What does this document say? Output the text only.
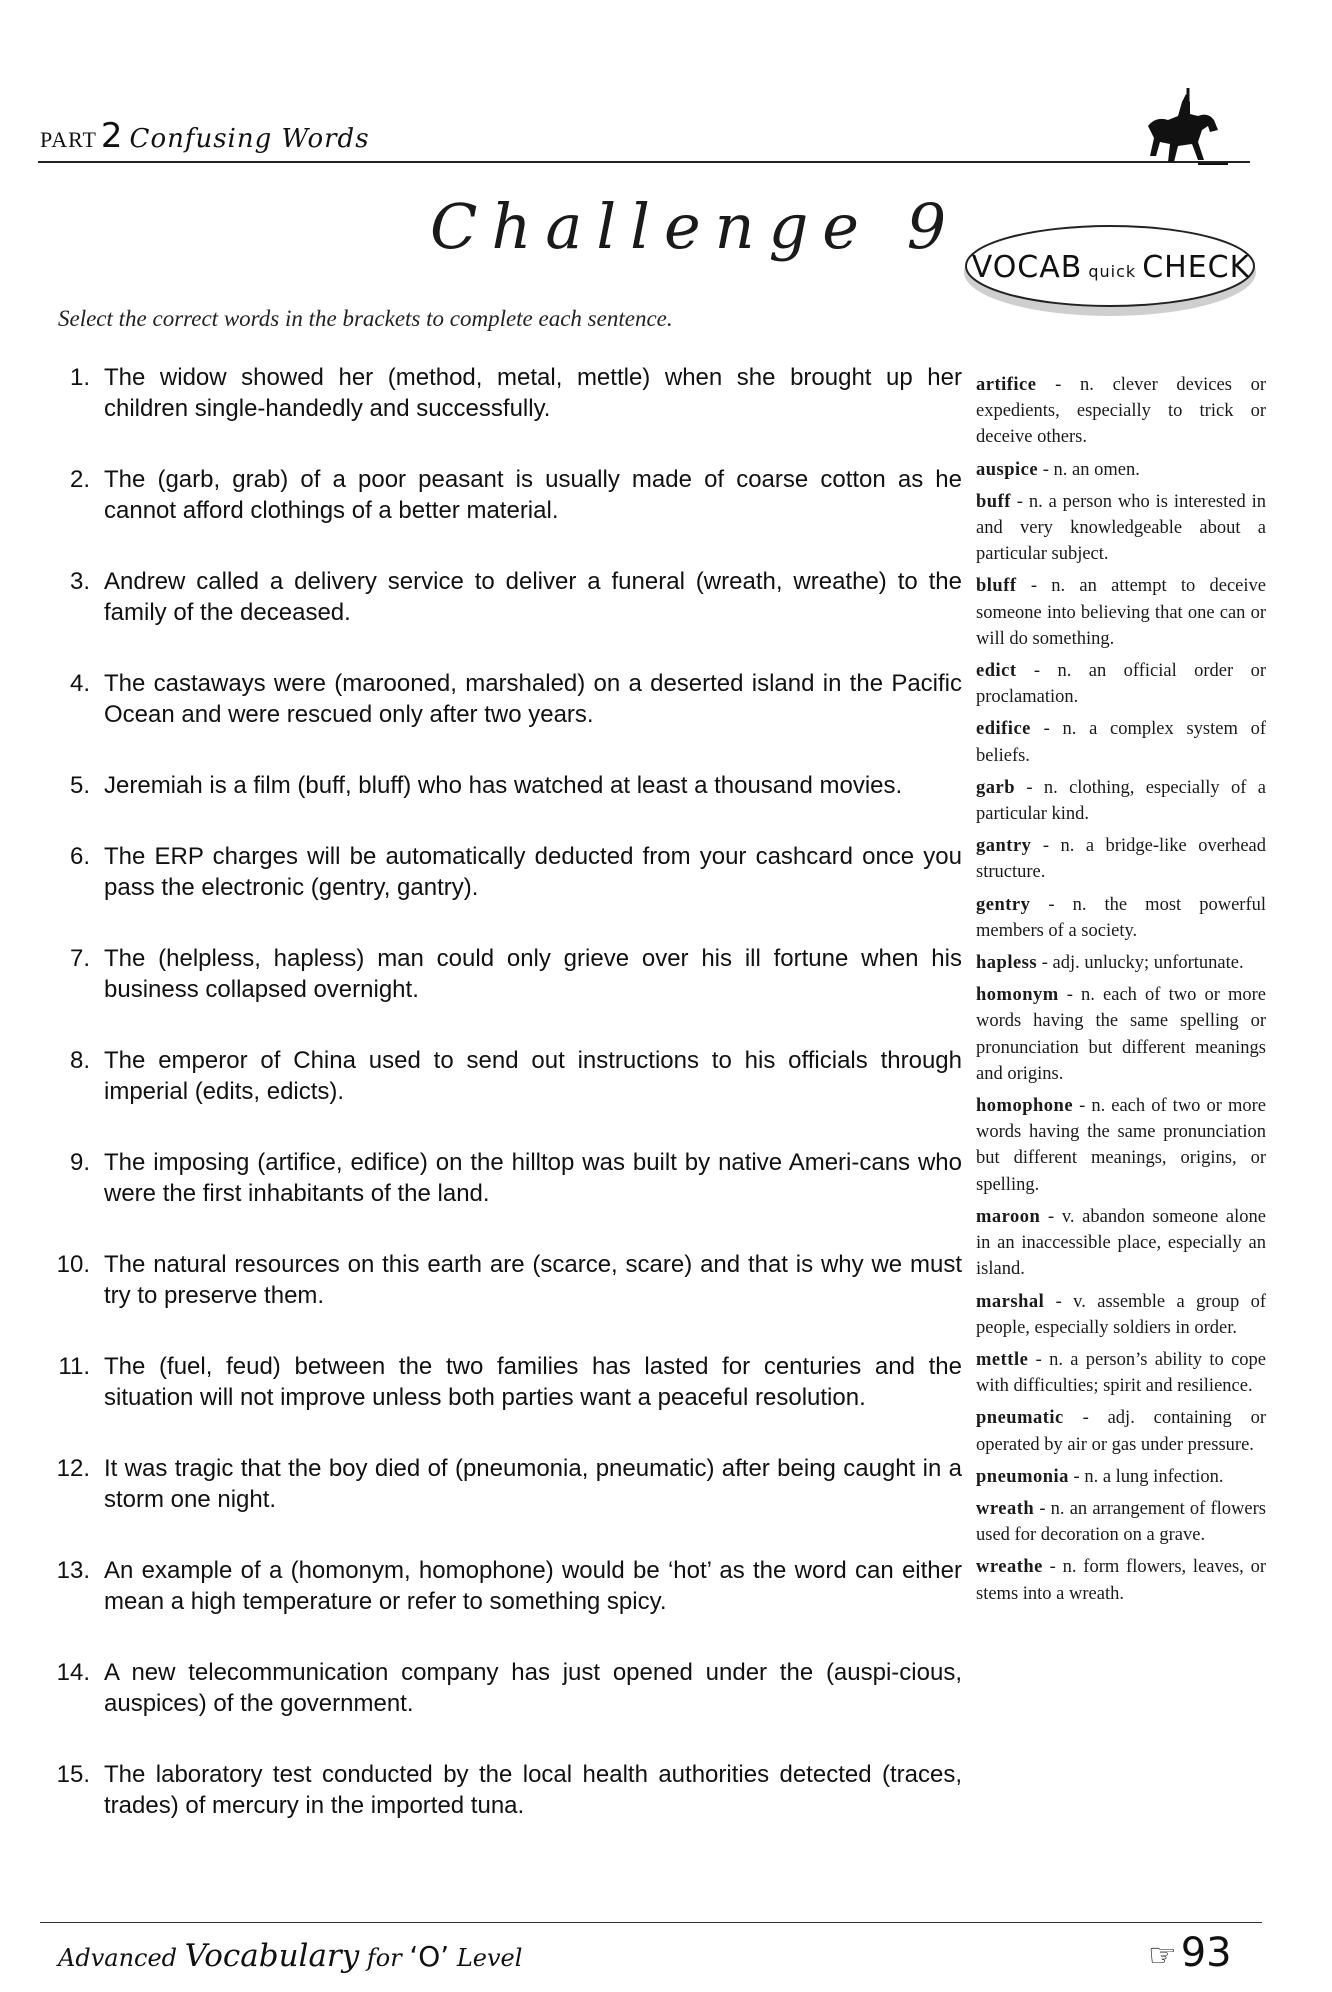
PART 2 Confusing Words
Challenge 9
VOCAB quick CHECK
Select the correct words in the brackets to complete each sentence.
1. The widow showed her (method, metal, mettle) when she brought up her children single-handedly and successfully.
2. The (garb, grab) of a poor peasant is usually made of coarse cotton as he cannot afford clothings of a better material.
3. Andrew called a delivery service to deliver a funeral (wreath, wreathe) to the family of the deceased.
4. The castaways were (marooned, marshaled) on a deserted island in the Pacific Ocean and were rescued only after two years.
5. Jeremiah is a film (buff, bluff) who has watched at least a thousand movies.
6. The ERP charges will be automatically deducted from your cashcard once you pass the electronic (gentry, gantry).
7. The (helpless, hapless) man could only grieve over his ill fortune when his business collapsed overnight.
8. The emperor of China used to send out instructions to his officials through imperial (edits, edicts).
9. The imposing (artifice, edifice) on the hilltop was built by native Ameri-cans who were the first inhabitants of the land.
10. The natural resources on this earth are (scarce, scare) and that is why we must try to preserve them.
11. The (fuel, feud) between the two families has lasted for centuries and the situation will not improve unless both parties want a peaceful resolution.
12. It was tragic that the boy died of (pneumonia, pneumatic) after being caught in a storm one night.
13. An example of a (homonym, homophone) would be ‘hot’ as the word can either mean a high temperature or refer to something spicy.
14. A new telecommunication company has just opened under the (auspi-cious, auspices) of the government.
15. The laboratory test conducted by the local health authorities detected (traces, trades) of mercury in the imported tuna.
artifice - n. clever devices or expedients, especially to trick or deceive others.
auspice - n. an omen.
buff - n. a person who is interested in and very knowledgeable about a particular subject.
bluff - n. an attempt to deceive someone into believing that one can or will do something.
edict - n. an official order or proclamation.
edifice - n. a complex system of beliefs.
garb - n. clothing, especially of a particular kind.
gantry - n. a bridge-like overhead structure.
gentry - n. the most powerful members of a society.
hapless - adj. unlucky; unfortunate.
homonym - n. each of two or more words having the same spelling or pronunciation but different meanings and origins.
homophone - n. each of two or more words having the same pronunciation but different meanings, origins, or spelling.
maroon - v. abandon someone alone in an inaccessible place, especially an island.
marshal - v. assemble a group of people, especially soldiers in order.
mettle - n. a person’s ability to cope with difficulties; spirit and resilience.
pneumatic - adj. containing or operated by air or gas under pressure.
pneumonia - n. a lung infection.
wreath - n. an arrangement of flowers used for decoration on a grave.
wreathe - n. form flowers, leaves, or stems into a wreath.
Advanced Vocabulary for ‘O’ Level	☞ 93
